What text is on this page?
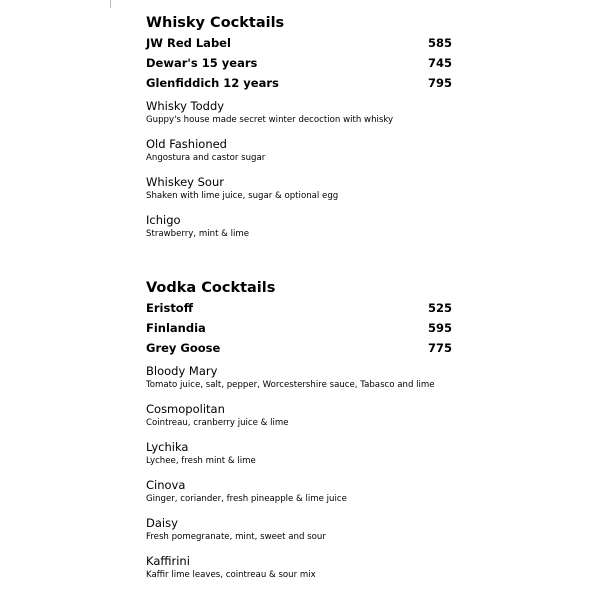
Whisky Cocktails
JW Red Label	585
Dewar's 15 years	745
Glenfiddich 12 years	795
Whisky Toddy
Guppy's house made secret winter decoction with whisky
Old Fashioned
Angostura and castor sugar
Whiskey Sour
Shaken with lime juice, sugar & optional egg
Ichigo
Strawberry, mint & lime
Vodka Cocktails
Eristoff	525
Finlandia	595
Grey Goose	775
Bloody Mary
Tomato juice, salt, pepper, Worcestershire sauce, Tabasco and lime
Cosmopolitan
Cointreau, cranberry juice & lime
Lychika
Lychee, fresh mint & lime
Cinova
Ginger, coriander, fresh pineapple & lime juice
Daisy
Fresh pomegranate, mint, sweet and sour
Kaffirini
Kaffir lime leaves, cointreau & sour mix
